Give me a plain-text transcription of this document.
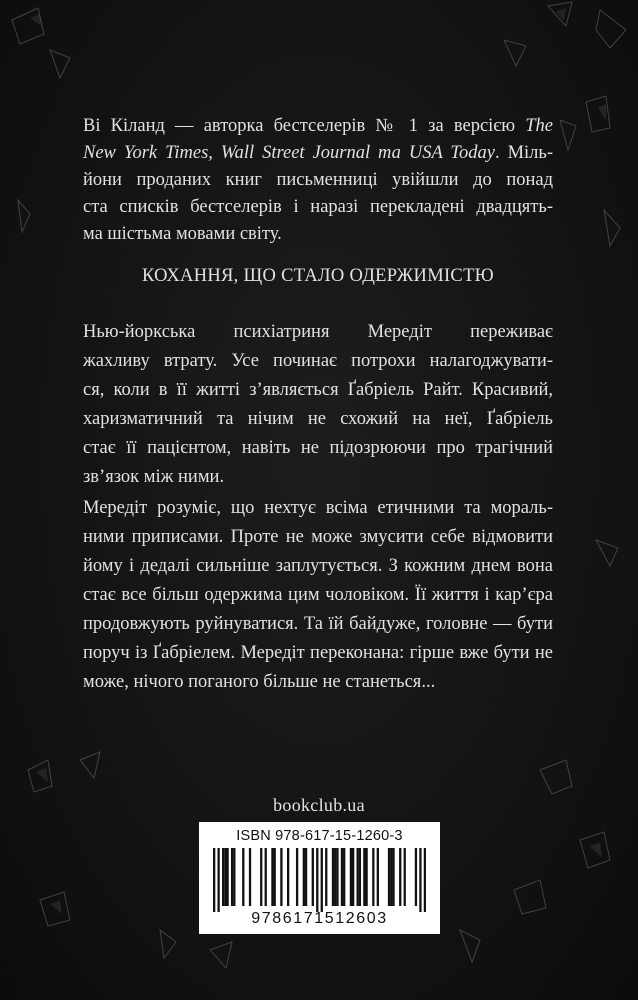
Ві Кіланд — авторка бестселерів № 1 за версією The

New York Times, Wall Street Journal та USA Today. Міль-

йони проданих книг письменниці увійшли до понад

ста списків бестселерів і наразі перекладені двадцять-

ма шістьма мовами світу.

КОХАННЯ, ЩО СТАЛО ОДЕРЖИМІСТЮ

Нью-йоркська психіатриня Мередіт переживає

жахливу втрату. Усе починає потрохи налагоджувати-

ся, коли в її житті з’являється Ґабріель Райт. Красивий,

харизматичний та нічим не схожий на неї, Ґабріель

стає її пацієнтом, навіть не підозрюючи про трагічний

зв’язок між ними.

Мередіт розуміє, що нехтує всіма етичними та мораль-

ними приписами. Проте не може змусити себе відмовити

йому і дедалі сильніше заплутується. З кожним днем вона

стає все більш одержима цим чоловіком. Її життя і кар’єра

продовжують руйнуватися. Та їй байдуже, головне — бути

поруч із Ґабріелем. Мередіт переконана: гірше вже бути не

може, нічого поганого більше не станеться...

bookclub.ua
ISBN 978-617-15-1260-3
9786171512603
